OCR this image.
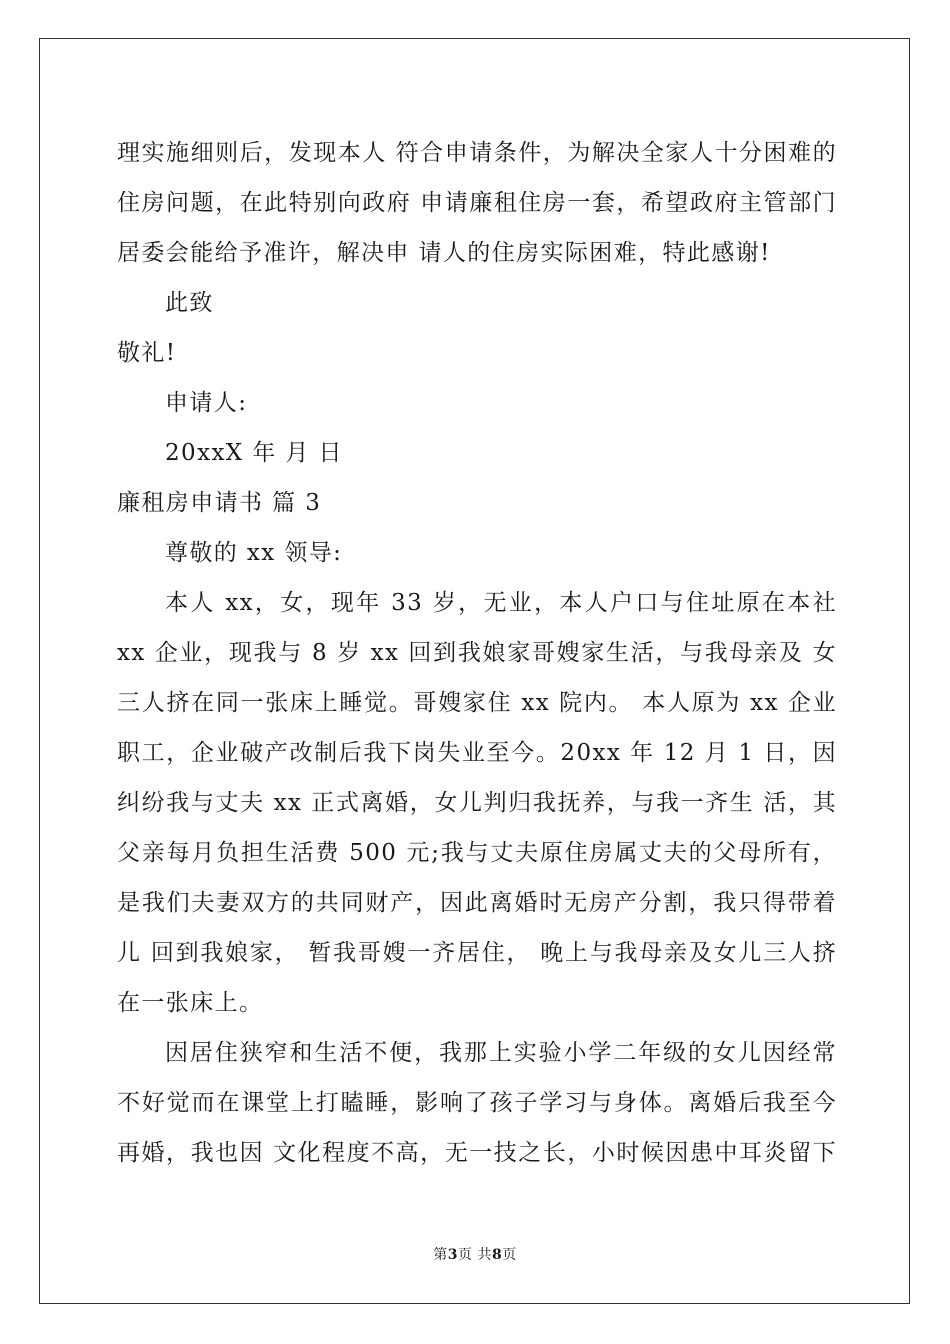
理实施细则后，发现本人 符合申请条件，为解决全家人十分困难的
住房问题，在此特别向政府 申请廉租住房一套，希望政府主管部门
居委会能给予准许，解决申 请人的住房实际困难，特此感谢!
此致
敬礼!
申请人:
20xxX 年 月 日
廉租房申请书 篇 3
尊敬的 xx 领导:
本人 xx，女，现年 33 岁，无业，本人户口与住址原在本社
xx 企业，现我与 8 岁 xx 回到我娘家哥嫂家生活，与我母亲及 女
三人挤在同一张床上睡觉。哥嫂家住 xx 院内。 本人原为 xx 企业
职工，企业破产改制后我下岗失业至今。20xx 年 12 月 1 日，因
纠纷我与丈夫 xx 正式离婚，女儿判归我抚养，与我一齐生 活，其
父亲每月负担生活费 500 元;我与丈夫原住房属丈夫的父母所有，
是我们夫妻双方的共同财产，因此离婚时无房产分割，我只得带着
儿 回到我娘家， 暂我哥嫂一齐居住， 晚上与我母亲及女儿三人挤
在一张床上。
因居住狭窄和生活不便，我那上实验小学二年级的女儿因经常
不好觉而在课堂上打瞌睡，影响了孩子学习与身体。离婚后我至今
再婚，我也因 文化程度不高，无一技之长，小时候因患中耳炎留下
第3页 共8页
